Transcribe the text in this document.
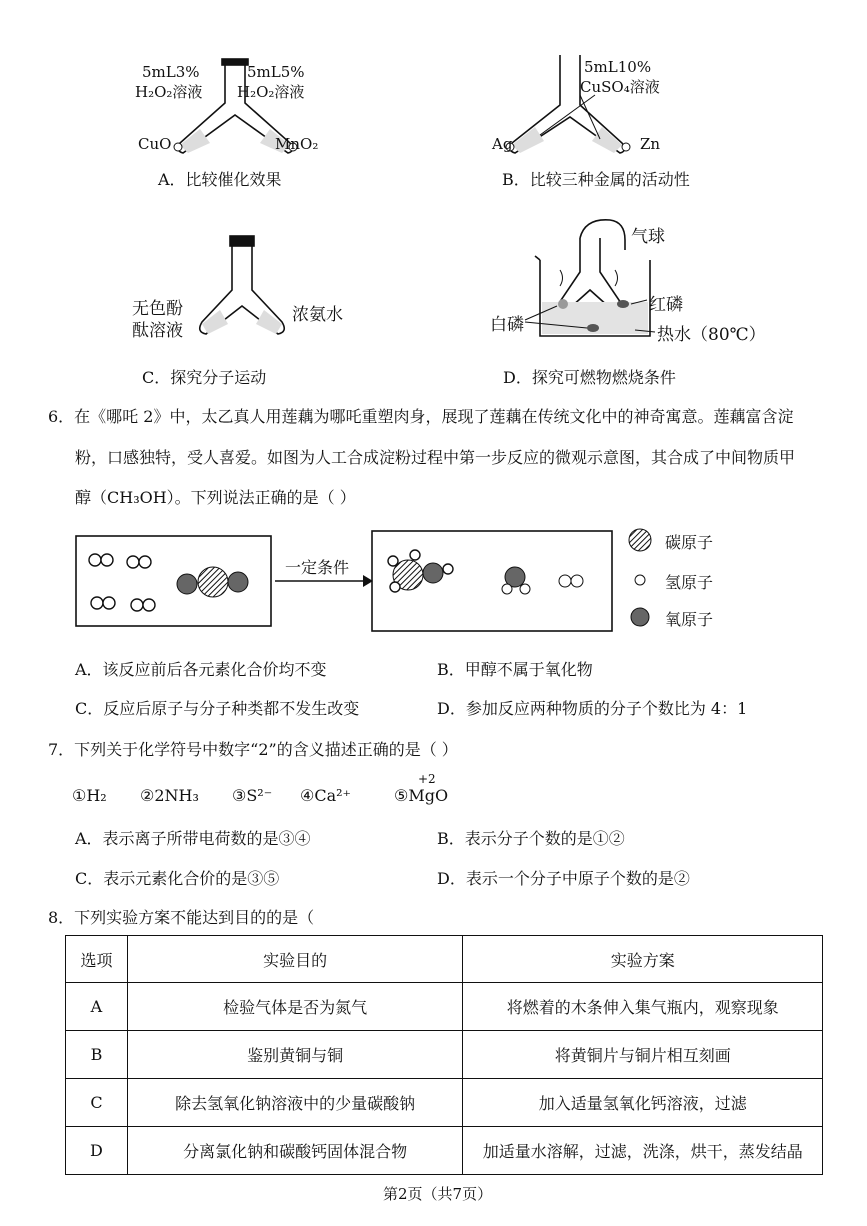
5mL3%
H₂O₂溶液
5mL5%
H₂O₂溶液
CuO	MnO₂
A．比较催化效果
5mL10%
CuSO₄溶液
Ag	Zn
B．比较三种金属的活动性
无色酚
酞溶液
浓氨水
C．探究分子运动
气球
红磷
白磷	热水（80℃）
D．探究可燃物燃烧条件
6．在《哪吒 2》中，太乙真人用莲藕为哪吒重塑肉身，展现了莲藕在传统文化中的神奇寓意。莲藕富含淀
粉，口感独特，受人喜爱。如图为人工合成淀粉过程中第一步反应的微观示意图，其合成了中间物质甲
醇（CH₃OH）。下列说法正确的是（ ）
一定条件
碳原子
氢原子
氧原子
A．该反应前后各元素化合价均不变	B．甲醇不属于氧化物
C．反应后原子与分子种类都不发生改变	D．参加反应两种物质的分子个数比为 4：1
7．下列关于化学符号中数字“2”的含义描述正确的是（ ）
①H₂ ②2NH₃ ③S²⁻ ④Ca²⁺	⑤MgO
+2
A．表示离子所带电荷数的是③④	B．表示分子个数的是①②
C．表示元素化合价的是③⑤	D．表示一个分子中原子个数的是②
8．下列实验方案不能达到目的的是（
选项	实验目的	实验方案
A	检验气体是否为氮气	将燃着的木条伸入集气瓶内，观察现象
B	鉴别黄铜与铜	将黄铜片与铜片相互刻画
C	除去氢氧化钠溶液中的少量碳酸钠	加入适量氢氧化钙溶液，过滤
D	分离氯化钠和碳酸钙固体混合物	加适量水溶解，过滤，洗涤，烘干，蒸发结晶
第2页（共7页）
